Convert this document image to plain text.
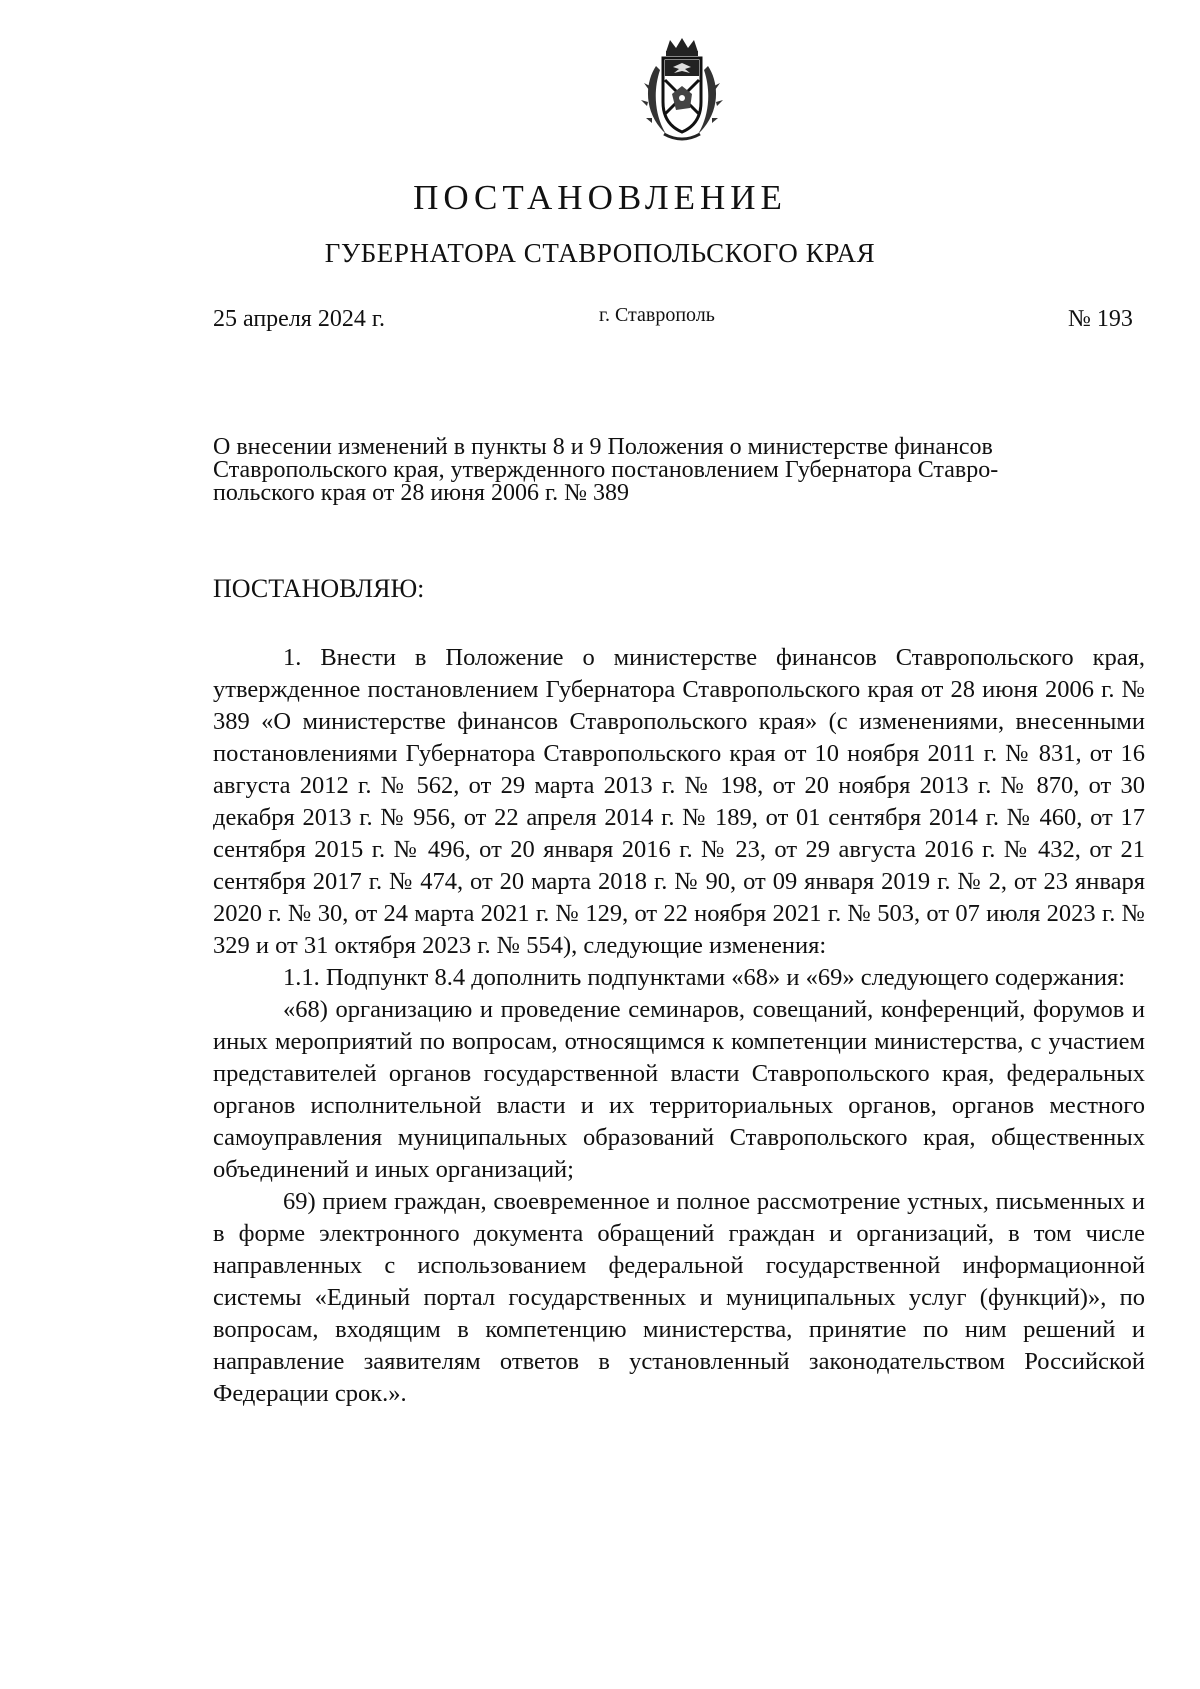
ПОСТАНОВЛЕНИЕ
ГУБЕРНАТОРА СТАВРОПОЛЬСКОГО КРАЯ
25 апреля 2024 г.	г. Ставрополь	№ 193
О внесении изменений в пункты 8 и 9 Положения о министерстве финансов
Ставропольского края, утвержденного постановлением Губернатора Ставро-
польского края от 28 июня 2006 г. № 389
ПОСТАНОВЛЯЮ:

1. Внести в Положение о министерстве финансов Ставропольского края, утвержденное постановлением Губернатора Ставропольского края от 28 июня 2006 г. № 389 «О министерстве финансов Ставропольского края» (с изменениями, внесенными постановлениями Губернатора Ставропольского края от 10 ноября 2011 г. № 831, от 16 августа 2012 г. № 562, от 29 марта 2013 г. № 198, от 20 ноября 2013 г. № 870, от 30 декабря 2013 г. № 956, от 22 апреля 2014 г. № 189, от 01 сентября 2014 г. № 460, от 17 сентября 2015 г. № 496, от 20 января 2016 г. № 23, от 29 августа 2016 г. № 432, от 21 сентября 2017 г. № 474, от 20 марта 2018 г. № 90, от 09 января 2019 г. № 2, от 23 января 2020 г. № 30, от 24 марта 2021 г. № 129, от 22 ноября 2021 г. № 503, от 07 июля 2023 г. № 329 и от 31 октября 2023 г. № 554), следующие изменения:

1.1. Подпункт 8.4 дополнить подпунктами «68» и «69» следующего содержания:

«68) организацию и проведение семинаров, совещаний, конференций, форумов и иных мероприятий по вопросам, относящимся к компетенции министерства, с участием представителей органов государственной власти Ставропольского края, федеральных органов исполнительной власти и их территориальных органов, органов местного самоуправления муниципальных образований Ставропольского края, общественных объединений и иных организаций;

69) прием граждан, своевременное и полное рассмотрение устных, письменных и в форме электронного документа обращений граждан и организаций, в том числе направленных с использованием федеральной государственной информационной системы «Единый портал государственных и муниципальных услуг (функций)», по вопросам, входящим в компетенцию министерства, принятие по ним решений и направление заявителям ответов в установленный законодательством Российской Федерации срок.».
